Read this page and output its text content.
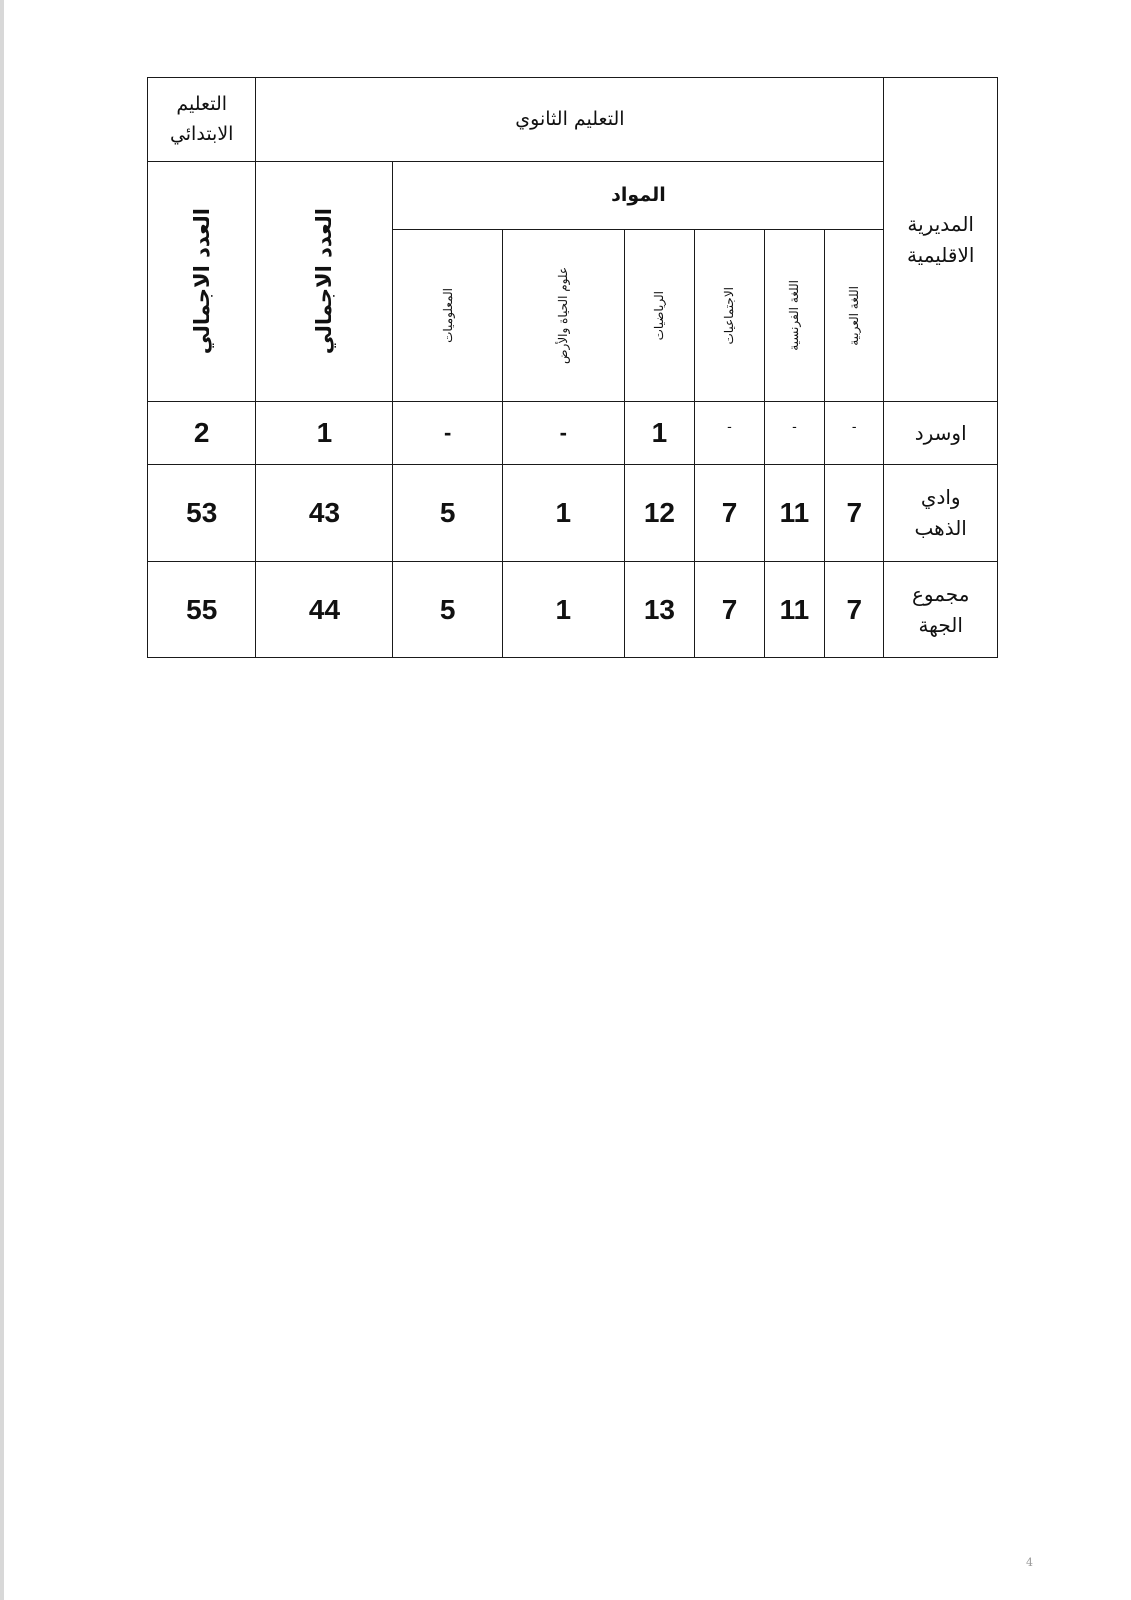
التعليم الابتدائي	التعليم الثانوي							المديرية الاقليمية

العدد الاجمالي	العدد الاجمالي	المواد						

		المعلوميات	علوم الحياة والأرض	الرياضيات	الاجتماعيات	اللغة الفرنسية	اللغة العربية	

2	1	-	-	1	-	-	-	اوسرد
53	43	5	1	12	7	11	7	وادي الذهب

55	44	5	1	13	7	11	7	مجموع الجهة
4
